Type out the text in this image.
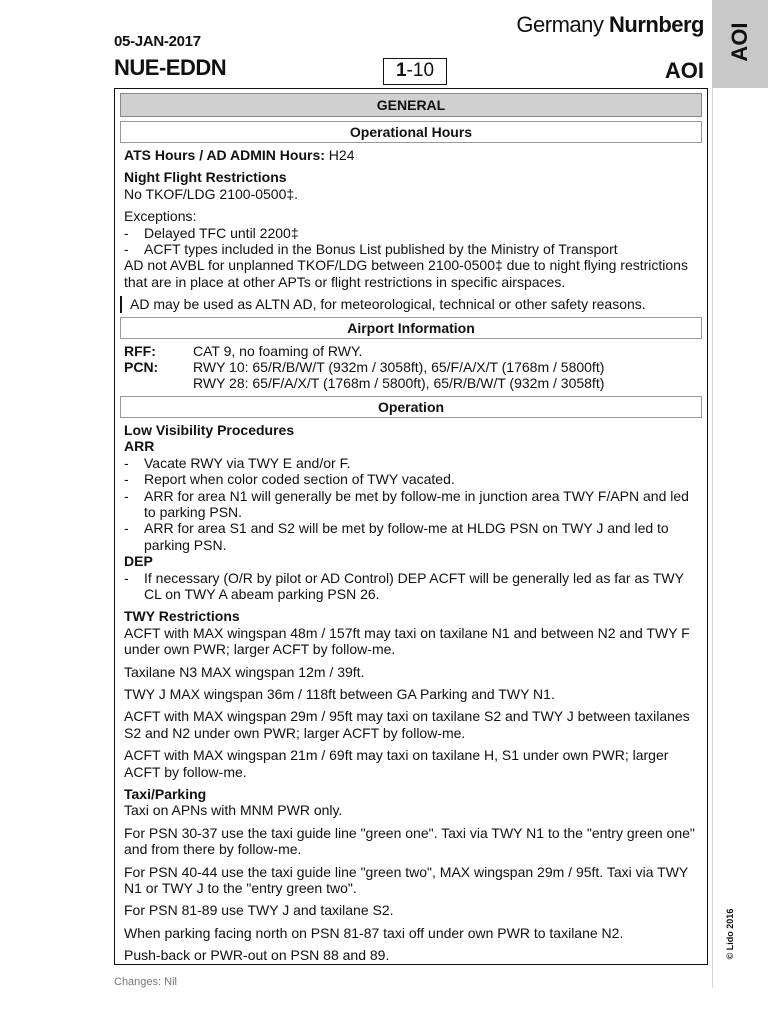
05-JAN-2017
NUE-EDDN
Germany Nurnberg
1-10	AOI
AOI
© Lido 2016
GENERAL
Operational Hours
ATS Hours / AD ADMIN Hours: H24
Night Flight Restrictions
No TKOF/LDG 2100-0500‡.
Exceptions:
-	Delayed TFC until 2200‡
-	ACFT types included in the Bonus List published by the Ministry of Transport
AD not AVBL for unplanned TKOF/LDG between 2100-0500‡ due to night flying restrictions that are in place at other APTs or flight restrictions in specific airspaces.
AD may be used as ALTN AD, for meteorological, technical or other safety reasons.
Airport Information
RFF:	CAT 9, no foaming of RWY.
PCN:	RWY 10: 65/R/B/W/T (932m / 3058ft), 65/F/A/X/T (1768m / 5800ft)
RWY 28: 65/F/A/X/T (1768m / 5800ft), 65/R/B/W/T (932m / 3058ft)
Operation
Low Visibility Procedures
ARR
-	Vacate RWY via TWY E and/or F.
-	Report when color coded section of TWY vacated.
-	ARR for area N1 will generally be met by follow-me in junction area TWY F/APN and led to parking PSN.
-	ARR for area S1 and S2 will be met by follow-me at HLDG PSN on TWY J and led to parking PSN.
DEP
-	If necessary (O/R by pilot or AD Control) DEP ACFT will be generally led as far as TWY CL on TWY A abeam parking PSN 26.
TWY Restrictions
ACFT with MAX wingspan 48m / 157ft may taxi on taxilane N1 and between N2 and TWY F under own PWR; larger ACFT by follow-me.
Taxilane N3 MAX wingspan 12m / 39ft.
TWY J MAX wingspan 36m / 118ft between GA Parking and TWY N1.
ACFT with MAX wingspan 29m / 95ft may taxi on taxilane S2 and TWY J between taxilanes S2 and N2 under own PWR; larger ACFT by follow-me.
ACFT with MAX wingspan 21m / 69ft may taxi on taxilane H, S1 under own PWR; larger ACFT by follow-me.
Taxi/Parking
Taxi on APNs with MNM PWR only.
For PSN 30-37 use the taxi guide line "green one". Taxi via TWY N1 to the "entry green one" and from there by follow-me.
For PSN 40-44 use the taxi guide line "green two", MAX wingspan 29m / 95ft. Taxi via TWY N1 or TWY J to the "entry green two".
For PSN 81-89 use TWY J and taxilane S2.
When parking facing north on PSN 81-87 taxi off under own PWR to taxilane N2.
Push-back or PWR-out on PSN 88 and 89.
Changes: Nil
